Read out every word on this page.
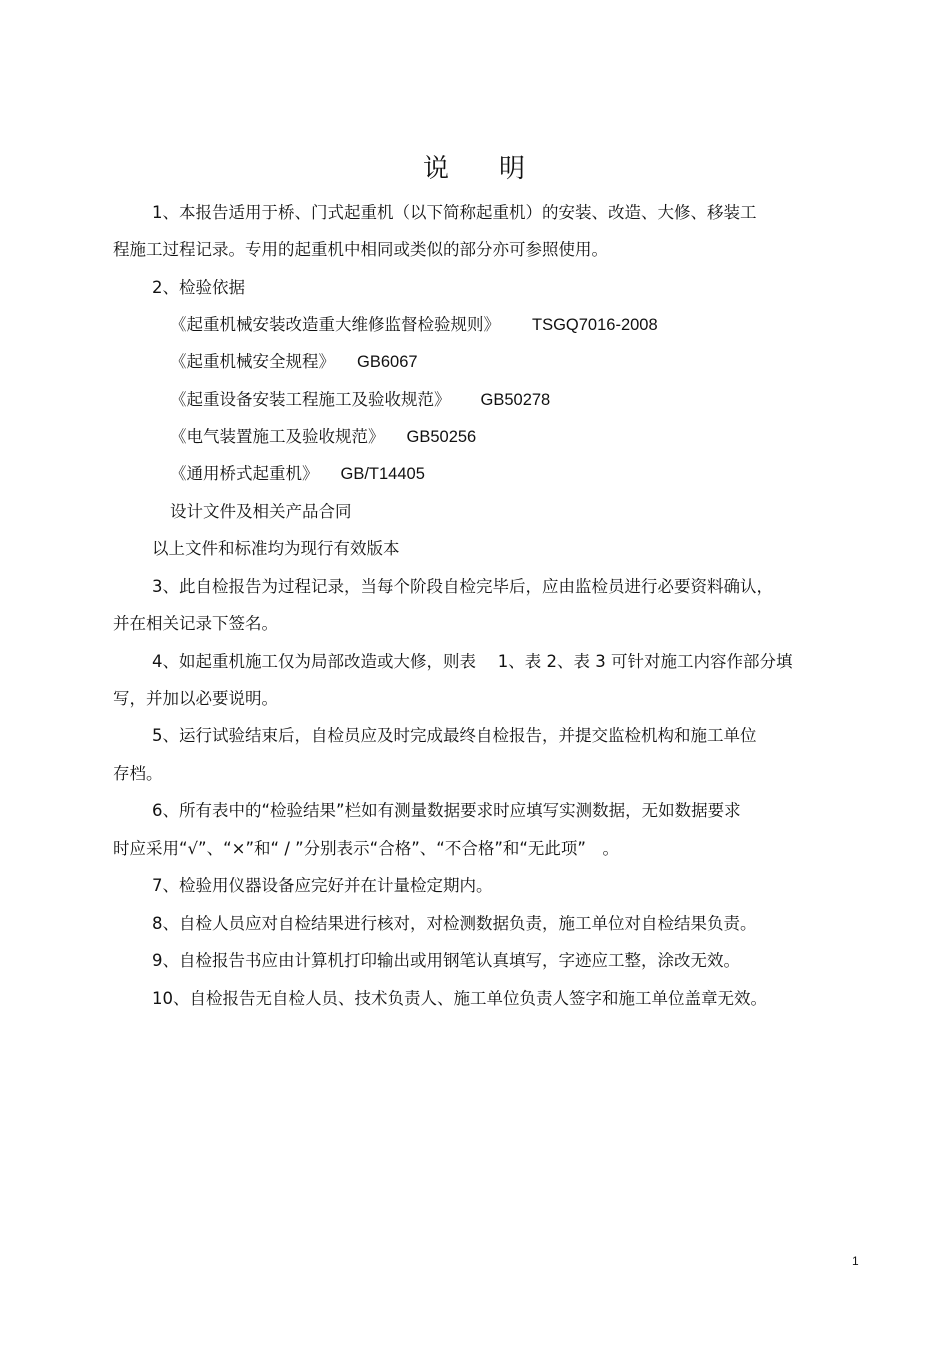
说 明
1、本报告适用于桥、门式起重机（以下简称起重机）的安装、改造、大修、移装工
程施工过程记录。专用的起重机中相同或类似的部分亦可参照使用。
2、检验依据
《起重机械安装改造重大维修监督检验规则》 TSGQ7016-2008
《起重机械安全规程》 GB6067
《起重设备安装工程施工及验收规范》 GB50278
《电气装置施工及验收规范》 GB50256
《通用桥式起重机》 GB/T14405
设计文件及相关产品合同
以上文件和标准均为现行有效版本
3、此自检报告为过程记录，当每个阶段自检完毕后，应由监检员进行必要资料确认，
并在相关记录下签名。
4、如起重机施工仅为局部改造或大修，则表　 1、表 2、表 3 可针对施工内容作部分填
写，并加以必要说明。
5、运行试验结束后，自检员应及时完成最终自检报告，并提交监检机构和施工单位
存档。
6、所有表中的“检验结果”栏如有测量数据要求时应填写实测数据，无如数据要求
时应采用“√”、“×”和“ / ”分别表示“合格”、“不合格”和“无此项”　。
7、检验用仪器设备应完好并在计量检定期内。
8、自检人员应对自检结果进行核对，对检测数据负责，施工单位对自检结果负责。
9、自检报告书应由计算机打印输出或用钢笔认真填写，字迹应工整，涂改无效。
10、自检报告无自检人员、技术负责人、施工单位负责人签字和施工单位盖章无效。
1
